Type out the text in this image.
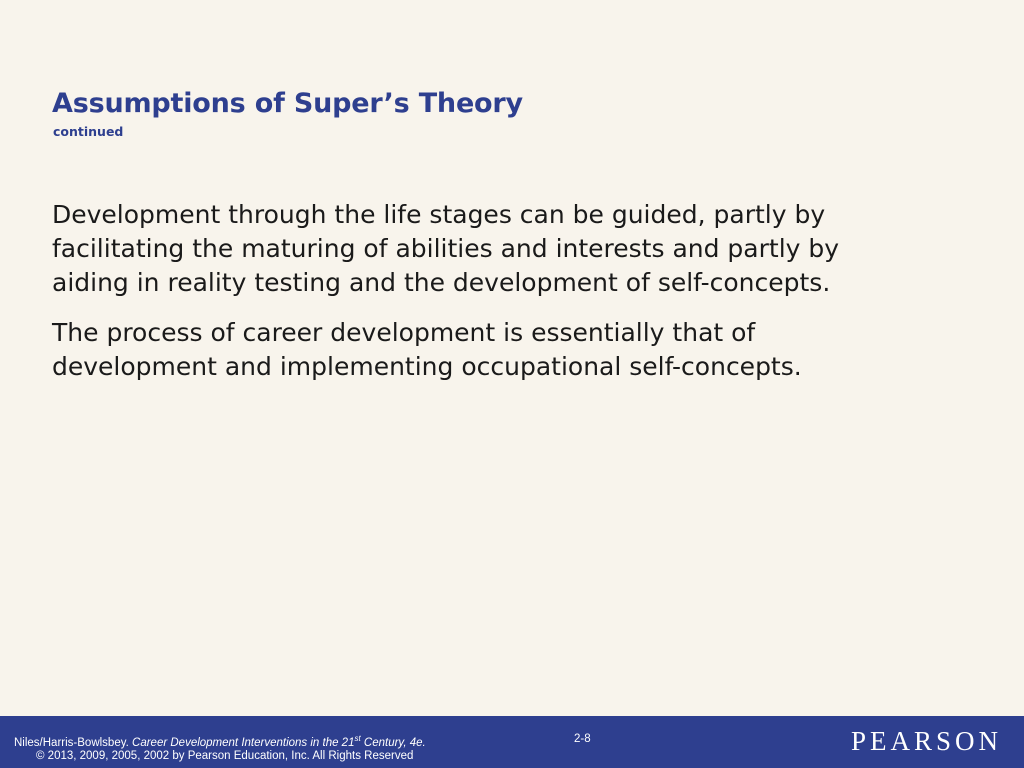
Assumptions of Super’s Theory
continued

Development through the life stages can be guided, partly by
facilitating the maturing of abilities and interests and partly by
aiding in reality testing and the development of self-concepts.

The process of career development is essentially that of
development and implementing occupational self-concepts.

Niles/Harris-Bowlsbey. Career Development Interventions in the 21st Century, 4e.
© 2013, 2009, 2005, 2002 by Pearson Education, Inc. All Rights Reserved
2-8	PEARSON
